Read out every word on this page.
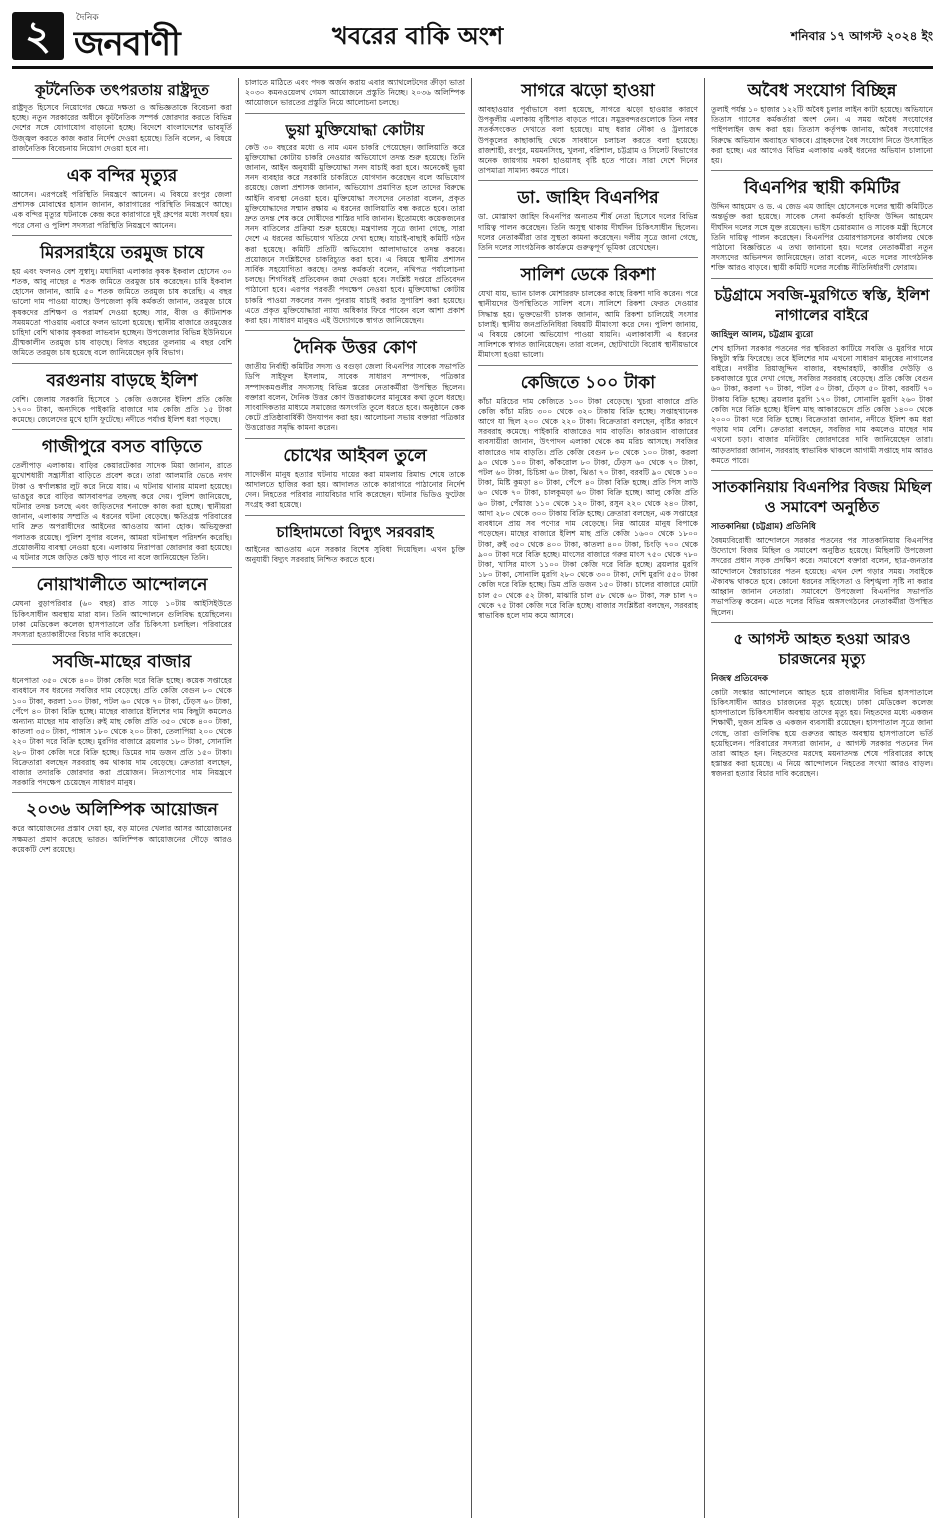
২	দৈনিক
জনবাণী	খবরের বাকি অংশ	শনিবার ১৭ আগস্ট ২০২৪ ইং
কূটনৈতিক তৎপরতায় রাষ্ট্রদূত

রাষ্ট্রদূত হিসেবে নিয়োগের ক্ষেত্রে দক্ষতা ও অভিজ্ঞতাকে বিবেচনা করা হচ্ছে। নতুন সরকারের অধীনে কূটনৈতিক সম্পর্ক জোরদার করতে বিভিন্ন দেশের সঙ্গে যোগাযোগ বাড়ানো হচ্ছে। বিদেশে বাংলাদেশের ভাবমূর্তি উজ্জ্বল করতে কাজ করার নির্দেশ দেওয়া হয়েছে। তিনি বলেন, এ বিষয়ে রাজনৈতিক বিবেচনায় নিয়োগ দেওয়া হবে না।

এক বন্দির মৃত্যুর

আসেন। এরপরেই পরিস্থিতি নিয়ন্ত্রণে আনেন। এ বিষয়ে রংপুর জেলা প্রশাসক মোবাশ্বের হাসান জানান, কারাগারের পরিস্থিতি নিয়ন্ত্রণে আছে। এক বন্দির মৃত্যুর ঘটনাকে কেন্দ্র করে কারাগারে দুই গ্রুপের মধ্যে সংঘর্ষ হয়। পরে সেনা ও পুলিশ সদস্যরা পরিস্থিতি নিয়ন্ত্রণে আনেন।

মিরসরাইয়ে তরমুজ চাষে

হয় এবং ফলনও বেশ সুস্বাদু। মঘাদিয়া এলাকার কৃষক ইকবাল হোসেন ৩০ শতক, আবু নাছের ৫ শতক জমিতে তরমুজ চাষ করেছেন। চাষি ইকবাল হোসেন জানান, আমি ৫০ শতক জমিতে তরমুজ চাষ করেছি। এ বছর ভালো দাম পাওয়া যাচ্ছে। উপজেলা কৃষি কর্মকর্তা জানান, তরমুজ চাষে কৃষকদের প্রশিক্ষণ ও পরামর্শ দেওয়া হচ্ছে। সার, বীজ ও কীটনাশক সময়মতো পাওয়ায় এবারে ফলন ভালো হয়েছে। স্থানীয় বাজারে তরমুজের চাহিদা বেশি থাকায় কৃষকরা লাভবান হচ্ছেন। উপজেলার বিভিন্ন ইউনিয়নে গ্রীষ্মকালীন তরমুজ চাষ বাড়ছে। বিগত বছরের তুলনায় এ বছর বেশি জমিতে তরমুজ চাষ হয়েছে বলে জানিয়েছেন কৃষি বিভাগ।

বরগুনায় বাড়ছে ইলিশ

বেশি। জেলায় সরকারি হিসেবে ১ কেজি ওজনের ইলিশ প্রতি কেজি ১৭০০ টাকা, অন্যদিকে পাইকারি বাজারে দাম কেজি প্রতি ১৫ টাকা কমেছে। জেলেদের মুখে হাসি ফুটেছে। নদীতে পর্যাপ্ত ইলিশ ধরা পড়ছে।

গাজীপুরে বসত বাড়িতে

তেলীপাড় এলাকায়। বাড়ির কেয়ারটেকার সাদেক মিয়া জানান, রাতে মুখোশধারী সন্ত্রাসীরা বাড়িতে প্রবেশ করে। তারা আলমারি ভেঙে নগদ টাকা ও স্বর্ণালঙ্কার লুট করে নিয়ে যায়। এ ঘটনায় থানায় মামলা হয়েছে। ভাঙচুর করে বাড়ির আসবাবপত্র তছনছ করে দেয়। পুলিশ জানিয়েছে, ঘটনার তদন্ত চলছে এবং জড়িতদের শনাক্তে কাজ করা হচ্ছে। স্থানীয়রা জানান, এলাকায় সম্প্রতি এ ধরনের ঘটনা বেড়েছে। ক্ষতিগ্রস্ত পরিবারের দাবি দ্রুত অপরাধীদের আইনের আওতায় আনা হোক। অভিযুক্তরা পলাতক রয়েছে। পুলিশ সুপার বলেন, আমরা ঘটনাস্থল পরিদর্শন করেছি। প্রয়োজনীয় ব্যবস্থা নেওয়া হবে। এলাকায় নিরাপত্তা জোরদার করা হয়েছে। এ ঘটনার সঙ্গে জড়িত কেউ ছাড় পাবে না বলে জানিয়েছেন তিনি।

নোয়াখালীতে আন্দোলনে

মেঘনা বুড়াপরিবার (৬০ বছর) রাত সাড়ে ১০টায় আইসিইউতে চিকিৎসাধীন অবস্থায় মারা যান। তিনি আন্দোলনে গুলিবিদ্ধ হয়েছিলেন। ঢাকা মেডিকেল কলেজ হাসপাতালে তাঁর চিকিৎসা চলছিল। পরিবারের সদস্যরা হত্যাকারীদের বিচার দাবি করেছেন।

সবজি-মাছের বাজার

ধনেপাতা ৩৫০ থেকে ৪০০ টাকা কেজি দরে বিক্রি হচ্ছে। কয়েক সপ্তাহের ব্যবধানে সব ধরনের সবজির দাম বেড়েছে। প্রতি কেজি বেগুন ৮০ থেকে ১০০ টাকা, করলা ১০০ টাকা, পটল ৬০ থেকে ৭০ টাকা, ঢেঁড়স ৬০ টাকা, পেঁপে ৪০ টাকা বিক্রি হচ্ছে। মাছের বাজারে ইলিশের দাম কিছুটা কমলেও অন্যান্য মাছের দাম বাড়তি। রুই মাছ কেজি প্রতি ৩৫০ থেকে ৪০০ টাকা, কাতলা ৩৫০ টাকা, পাঙ্গাস ১৮০ থেকে ২০০ টাকা, তেলাপিয়া ২০০ থেকে ২২০ টাকা দরে বিক্রি হচ্ছে। মুরগির বাজারে ব্রয়লার ১৮০ টাকা, সোনালি ২৮০ টাকা কেজি দরে বিক্রি হচ্ছে। ডিমের দাম ডজন প্রতি ১৫০ টাকা। বিক্রেতারা বলছেন সরবরাহ কম থাকায় দাম বেড়েছে। ক্রেতারা বলছেন, বাজার তদারকি জোরদার করা প্রয়োজন। নিত্যপণ্যের দাম নিয়ন্ত্রণে সরকারি পদক্ষেপ চেয়েছেন সাধারণ মানুষ।

২০৩৬ অলিম্পিক আয়োজন

করে আয়োজনের প্রস্তাব দেয়া হয়, বড় মানের খেলার আসর আয়োজনের সক্ষমতা প্রমাণ করেছে ভারত। অলিম্পিক আয়োজনের দৌড়ে আরও কয়েকটি দেশ রয়েছে।

চালাতে মাঠিতে এবং পদক অর্জন করায় এবার অ্যাথলেটদের ক্রীড়া ভাতা ২০৩০ কমনওয়েলথ গেমস আয়োজনে প্রস্তুতি নিচ্ছে। ২০৩৬ অলিম্পিক আয়োজনে ভারতের প্রস্তুতি নিয়ে আলোচনা চলছে।

ভুয়া মুক্তিযোদ্ধা কোটায়

কেউ ৩০ বছরের মধ্যে ও নাম এমন চাকরি পেয়েছেন। জালিয়াতি করে মুক্তিযোদ্ধা কোটায় চাকরি নেওয়ার অভিযোগে তদন্ত শুরু হয়েছে। তিনি জানান, আইন অনুযায়ী মুক্তিযোদ্ধা সনদ যাচাই করা হবে। অনেকেই ভুয়া সনদ ব্যবহার করে সরকারি চাকরিতে যোগদান করেছেন বলে অভিযোগ রয়েছে। জেলা প্রশাসক জানান, অভিযোগ প্রমাণিত হলে তাদের বিরুদ্ধে আইনি ব্যবস্থা নেওয়া হবে। মুক্তিযোদ্ধা সংসদের নেতারা বলেন, প্রকৃত মুক্তিযোদ্ধাদের সম্মান রক্ষায় এ ধরনের জালিয়াতি বন্ধ করতে হবে। তারা দ্রুত তদন্ত শেষ করে দোষীদের শাস্তির দাবি জানান। ইতোমধ্যে কয়েকজনের সনদ বাতিলের প্রক্রিয়া শুরু হয়েছে। মন্ত্রণালয় সূত্রে জানা গেছে, সারা দেশে এ ধরনের অভিযোগ খতিয়ে দেখা হচ্ছে। যাচাই-বাছাই কমিটি গঠন করা হয়েছে। কমিটি প্রতিটি অভিযোগ আলাদাভাবে তদন্ত করবে। প্রয়োজনে সংশ্লিষ্টদের চাকরিচ্যুত করা হবে। এ বিষয়ে স্থানীয় প্রশাসন সার্বিক সহযোগিতা করছে। তদন্ত কর্মকর্তা বলেন, নথিপত্র পর্যালোচনা চলছে। শিগগিরই প্রতিবেদন জমা দেওয়া হবে। সংশ্লিষ্ট দপ্তরে প্রতিবেদন পাঠানো হবে। এরপর পরবর্তী পদক্ষেপ নেওয়া হবে। মুক্তিযোদ্ধা কোটায় চাকরি পাওয়া সকলের সনদ পুনরায় যাচাই করার সুপারিশ করা হয়েছে। এতে প্রকৃত মুক্তিযোদ্ধারা ন্যায্য অধিকার ফিরে পাবেন বলে আশা প্রকাশ করা হয়। সাধারণ মানুষও এই উদ্যোগকে স্বাগত জানিয়েছেন।

দৈনিক উত্তর কোণ

জাতীয় নির্বাহী কমিটির সদস্য ও বগুড়া জেলা বিএনপির সাবেক সভাপতি ডিপি সাইফুল ইসলাম, সাবেক সাধারণ সম্পাদক, পত্রিকার সম্পাদকমণ্ডলীর সদস্যসহ বিভিন্ন স্তরের নেতাকর্মীরা উপস্থিত ছিলেন। বক্তারা বলেন, দৈনিক উত্তর কোণ উত্তরাঞ্চলের মানুষের কথা তুলে ধরছে। সাংবাদিকতার মাধ্যমে সমাজের অসংগতি তুলে ধরতে হবে। অনুষ্ঠানে কেক কেটে প্রতিষ্ঠাবার্ষিকী উদযাপন করা হয়। আলোচনা সভায় বক্তারা পত্রিকার উত্তরোত্তর সমৃদ্ধি কামনা করেন।

চোখের আইবল তুলে

সাদেকীন মানুষ হত্যার ঘটনায় দায়ের করা মামলায় রিমান্ড শেষে তাকে আদালতে হাজির করা হয়। আদালত তাকে কারাগারে পাঠানোর নির্দেশ দেন। নিহতের পরিবার ন্যায়বিচার দাবি করেছেন। ঘটনার ভিডিও ফুটেজ সংগ্রহ করা হয়েছে।

চাহিদামতো বিদ্যুৎ সরবরাহ

আইনের আওতায় এনে সরকার বিশেষ সুবিধা দিয়েছিল। এখন চুক্তি অনুযায়ী বিদ্যুৎ সরবরাহ নিশ্চিত করতে হবে।

সাগরে ঝড়ো হাওয়া

আবহাওয়ার পূর্বাভাসে বলা হয়েছে, সাগরে ঝড়ো হাওয়ার কারণে উপকূলীয় এলাকায় বৃষ্টিপাত বাড়তে পারে। সমুদ্রবন্দরগুলোকে তিন নম্বর সতর্কসংকেত দেখাতে বলা হয়েছে। মাছ ধরার নৌকা ও ট্রলারকে উপকূলের কাছাকাছি থেকে সাবধানে চলাচল করতে বলা হয়েছে। রাজশাহী, রংপুর, ময়মনসিংহ, খুলনা, বরিশাল, চট্টগ্রাম ও সিলেট বিভাগের অনেক জায়গায় দমকা হাওয়াসহ বৃষ্টি হতে পারে। সারা দেশে দিনের তাপমাত্রা সামান্য কমতে পারে।

ডা. জাহিদ বিএনপির

ডা. মোস্তাফা জাহিদ বিএনপির অন্যতম শীর্ষ নেতা হিসেবে দলের বিভিন্ন দায়িত্ব পালন করেছেন। তিনি অসুস্থ থাকায় দীর্ঘদিন চিকিৎসাধীন ছিলেন। দলের নেতাকর্মীরা তার সুস্থতা কামনা করেছেন। দলীয় সূত্রে জানা গেছে, তিনি দলের সাংগঠনিক কার্যক্রমে গুরুত্বপূর্ণ ভূমিকা রেখেছেন।

সালিশ ডেকে রিকশা

যেখা যায়, ভ্যান চালক মোশাররফ চালকের কাছে রিকশা দাবি করেন। পরে স্থানীয়দের উপস্থিতিতে সালিশ বসে। সালিশে রিকশা ফেরত দেওয়ার সিদ্ধান্ত হয়। ভুক্তভোগী চালক জানান, আমি রিকশা চালিয়েই সংসার চালাই। স্থানীয় জনপ্রতিনিধিরা বিষয়টি মীমাংসা করে দেন। পুলিশ জানায়, এ বিষয়ে কোনো অভিযোগ পাওয়া যায়নি। এলাকাবাসী এ ধরনের সালিশকে স্বাগত জানিয়েছেন। তারা বলেন, ছোটখাটো বিরোধ স্থানীয়ভাবে মীমাংসা হওয়া ভালো।

কেজিতে ১০০ টাকা

কাঁচা মরিচের দাম কেজিতে ১০০ টাকা বেড়েছে। খুচরা বাজারে প্রতি কেজি কাঁচা মরিচ ৩০০ থেকে ৩২০ টাকায় বিক্রি হচ্ছে। সপ্তাহখানেক আগে যা ছিল ২০০ থেকে ২২০ টাকা। বিক্রেতারা বলছেন, বৃষ্টির কারণে সরবরাহ কমেছে। পাইকারি বাজারেও দাম বাড়তি। কারওয়ান বাজারের ব্যবসায়ীরা জানান, উৎপাদন এলাকা থেকে কম মরিচ আসছে। সবজির বাজারেও দাম বাড়তি। প্রতি কেজি বেগুন ৮০ থেকে ১০০ টাকা, করলা ৯০ থেকে ১০০ টাকা, কাঁকরোল ৮০ টাকা, ঢেঁড়স ৬০ থেকে ৭০ টাকা, পটল ৬০ টাকা, চিচিঙ্গা ৬০ টাকা, ঝিঙা ৭০ টাকা, বরবটি ৯০ থেকে ১০০ টাকা, মিষ্টি কুমড়া ৪০ টাকা, পেঁপে ৪০ টাকা বিক্রি হচ্ছে। প্রতি পিস লাউ ৬০ থেকে ৭০ টাকা, চালকুমড়া ৬০ টাকা বিক্রি হচ্ছে। আলু কেজি প্রতি ৬০ টাকা, পেঁয়াজ ১১০ থেকে ১২০ টাকা, রসুন ২২০ থেকে ২৪০ টাকা, আদা ২৮০ থেকে ৩০০ টাকায় বিক্রি হচ্ছে। ক্রেতারা বলছেন, এক সপ্তাহের ব্যবধানে প্রায় সব পণ্যের দাম বেড়েছে। নিম্ন আয়ের মানুষ বিপাকে পড়েছেন। মাছের বাজারে ইলিশ মাছ প্রতি কেজি ১৬০০ থেকে ১৮০০ টাকা, রুই ৩৫০ থেকে ৪০০ টাকা, কাতলা ৪০০ টাকা, চিংড়ি ৭০০ থেকে ৯০০ টাকা দরে বিক্রি হচ্ছে। মাংসের বাজারে গরুর মাংস ৭৫০ থেকে ৭৮০ টাকা, খাসির মাংস ১১০০ টাকা কেজি দরে বিক্রি হচ্ছে। ব্রয়লার মুরগি ১৮০ টাকা, সোনালি মুরগি ২৮০ থেকে ৩০০ টাকা, দেশি মুরগি ৫৫০ টাকা কেজি দরে বিক্রি হচ্ছে। ডিম প্রতি ডজন ১৫০ টাকা। চালের বাজারে মোটা চাল ৫০ থেকে ৫২ টাকা, মাঝারি চাল ৫৮ থেকে ৬০ টাকা, সরু চাল ৭০ থেকে ৭৫ টাকা কেজি দরে বিক্রি হচ্ছে। বাজার সংশ্লিষ্টরা বলছেন, সরবরাহ স্বাভাবিক হলে দাম কমে আসবে।

অবৈধ সংযোগ বিচ্ছিন্ন

তুলাই পর্যন্ত ১০ হাজার ১২২টি অবৈধ চুলার লাইন কাটা হয়েছে। অভিযানে তিতাস গ্যাসের কর্মকর্তারা অংশ নেন। এ সময় অবৈধ সংযোগের পাইপলাইন জব্দ করা হয়। তিতাস কর্তৃপক্ষ জানায়, অবৈধ সংযোগের বিরুদ্ধে অভিযান অব্যাহত থাকবে। গ্রাহকদের বৈধ সংযোগ নিতে উৎসাহিত করা হচ্ছে। এর আগেও বিভিন্ন এলাকায় একই ধরনের অভিযান চালানো হয়।

বিএনপির স্থায়ী কমিটির

উদ্দিন আহমেদ ও ড. এ জেড এম জাহিদ হোসেনকে দলের স্থায়ী কমিটিতে অন্তর্ভুক্ত করা হয়েছে। সাবেক সেনা কর্মকর্তা হাফিজ উদ্দিন আহমেদ দীর্ঘদিন দলের সঙ্গে যুক্ত রয়েছেন। ভাইস চেয়ারম্যান ও সাবেক মন্ত্রী হিসেবে তিনি দায়িত্ব পালন করেছেন। বিএনপির চেয়ারপারসনের কার্যালয় থেকে পাঠানো বিজ্ঞপ্তিতে এ তথ্য জানানো হয়। দলের নেতাকর্মীরা নতুন সদস্যদের অভিনন্দন জানিয়েছেন। তারা বলেন, এতে দলের সাংগঠনিক শক্তি আরও বাড়বে। স্থায়ী কমিটি দলের সর্বোচ্চ নীতিনির্ধারণী ফোরাম।

চট্টগ্রামে সবজি-মুরগিতে স্বস্তি, ইলিশ নাগালের বাইরে
জাহিদুল আলম, চট্টগ্রাম ব্যুরো

শেখ হাসিনা সরকার পতনের পর স্থবিরতা কাটিয়ে সবজি ও মুরগির দামে কিছুটা স্বস্তি ফিরেছে। তবে ইলিশের দাম এখনো সাধারণ মানুষের নাগালের বাইরে। নগরীর রিয়াজুদ্দিন বাজার, বহদ্দারহাট, কাজীর দেউড়ি ও চকবাজারে ঘুরে দেখা গেছে, সবজির সরবরাহ বেড়েছে। প্রতি কেজি বেগুন ৬০ টাকা, করলা ৭০ টাকা, পটল ৫০ টাকা, ঢেঁড়স ৫০ টাকা, বরবটি ৭০ টাকায় বিক্রি হচ্ছে। ব্রয়লার মুরগি ১৭০ টাকা, সোনালি মুরগি ২৬০ টাকা কেজি দরে বিক্রি হচ্ছে। ইলিশ মাছ আকারভেদে প্রতি কেজি ১৪০০ থেকে ২০০০ টাকা দরে বিক্রি হচ্ছে। বিক্রেতারা জানান, নদীতে ইলিশ কম ধরা পড়ায় দাম বেশি। ক্রেতারা বলছেন, সবজির দাম কমলেও মাছের দাম এখনো চড়া। বাজার মনিটরিং জোরদারের দাবি জানিয়েছেন তারা। আড়তদাররা জানান, সরবরাহ স্বাভাবিক থাকলে আগামী সপ্তাহে দাম আরও কমতে পারে।

সাতকানিয়ায় বিএনপির বিজয় মিছিল ও সমাবেশ অনুষ্ঠিত
সাতকানিয়া (চট্টগ্রাম) প্রতিনিধি

বৈষম্যবিরোধী আন্দোলনে সরকার পতনের পর সাতকানিয়ায় বিএনপির উদ্যোগে বিজয় মিছিল ও সমাবেশ অনুষ্ঠিত হয়েছে। মিছিলটি উপজেলা সদরের প্রধান সড়ক প্রদক্ষিণ করে। সমাবেশে বক্তারা বলেন, ছাত্র-জনতার আন্দোলনে স্বৈরাচারের পতন হয়েছে। এখন দেশ গড়ার সময়। সবাইকে ঐক্যবদ্ধ থাকতে হবে। কোনো ধরনের সহিংসতা ও বিশৃঙ্খলা সৃষ্টি না করার আহ্বান জানান নেতারা। সমাবেশে উপজেলা বিএনপির সভাপতি সভাপতিত্ব করেন। এতে দলের বিভিন্ন অঙ্গসংগঠনের নেতাকর্মীরা উপস্থিত ছিলেন।

৫ আগস্ট আহত হওয়া আরও চারজনের মৃত্যু
নিজস্ব প্রতিবেদক

কোটা সংস্কার আন্দোলনে আহত হয়ে রাজধানীর বিভিন্ন হাসপাতালে চিকিৎসাধীন আরও চারজনের মৃত্যু হয়েছে। ঢাকা মেডিকেল কলেজ হাসপাতালে চিকিৎসাধীন অবস্থায় তাদের মৃত্যু হয়। নিহতদের মধ্যে একজন শিক্ষার্থী, দুজন শ্রমিক ও একজন ব্যবসায়ী রয়েছেন। হাসপাতাল সূত্রে জানা গেছে, তারা গুলিবিদ্ধ হয়ে গুরুতর আহত অবস্থায় হাসপাতালে ভর্তি হয়েছিলেন। পরিবারের সদস্যরা জানান, ৫ আগস্ট সরকার পতনের দিন তারা আহত হন। নিহতদের মরদেহ ময়নাতদন্ত শেষে পরিবারের কাছে হস্তান্তর করা হয়েছে। এ নিয়ে আন্দোলনে নিহতের সংখ্যা আরও বাড়ল। স্বজনরা হত্যার বিচার দাবি করেছেন।
